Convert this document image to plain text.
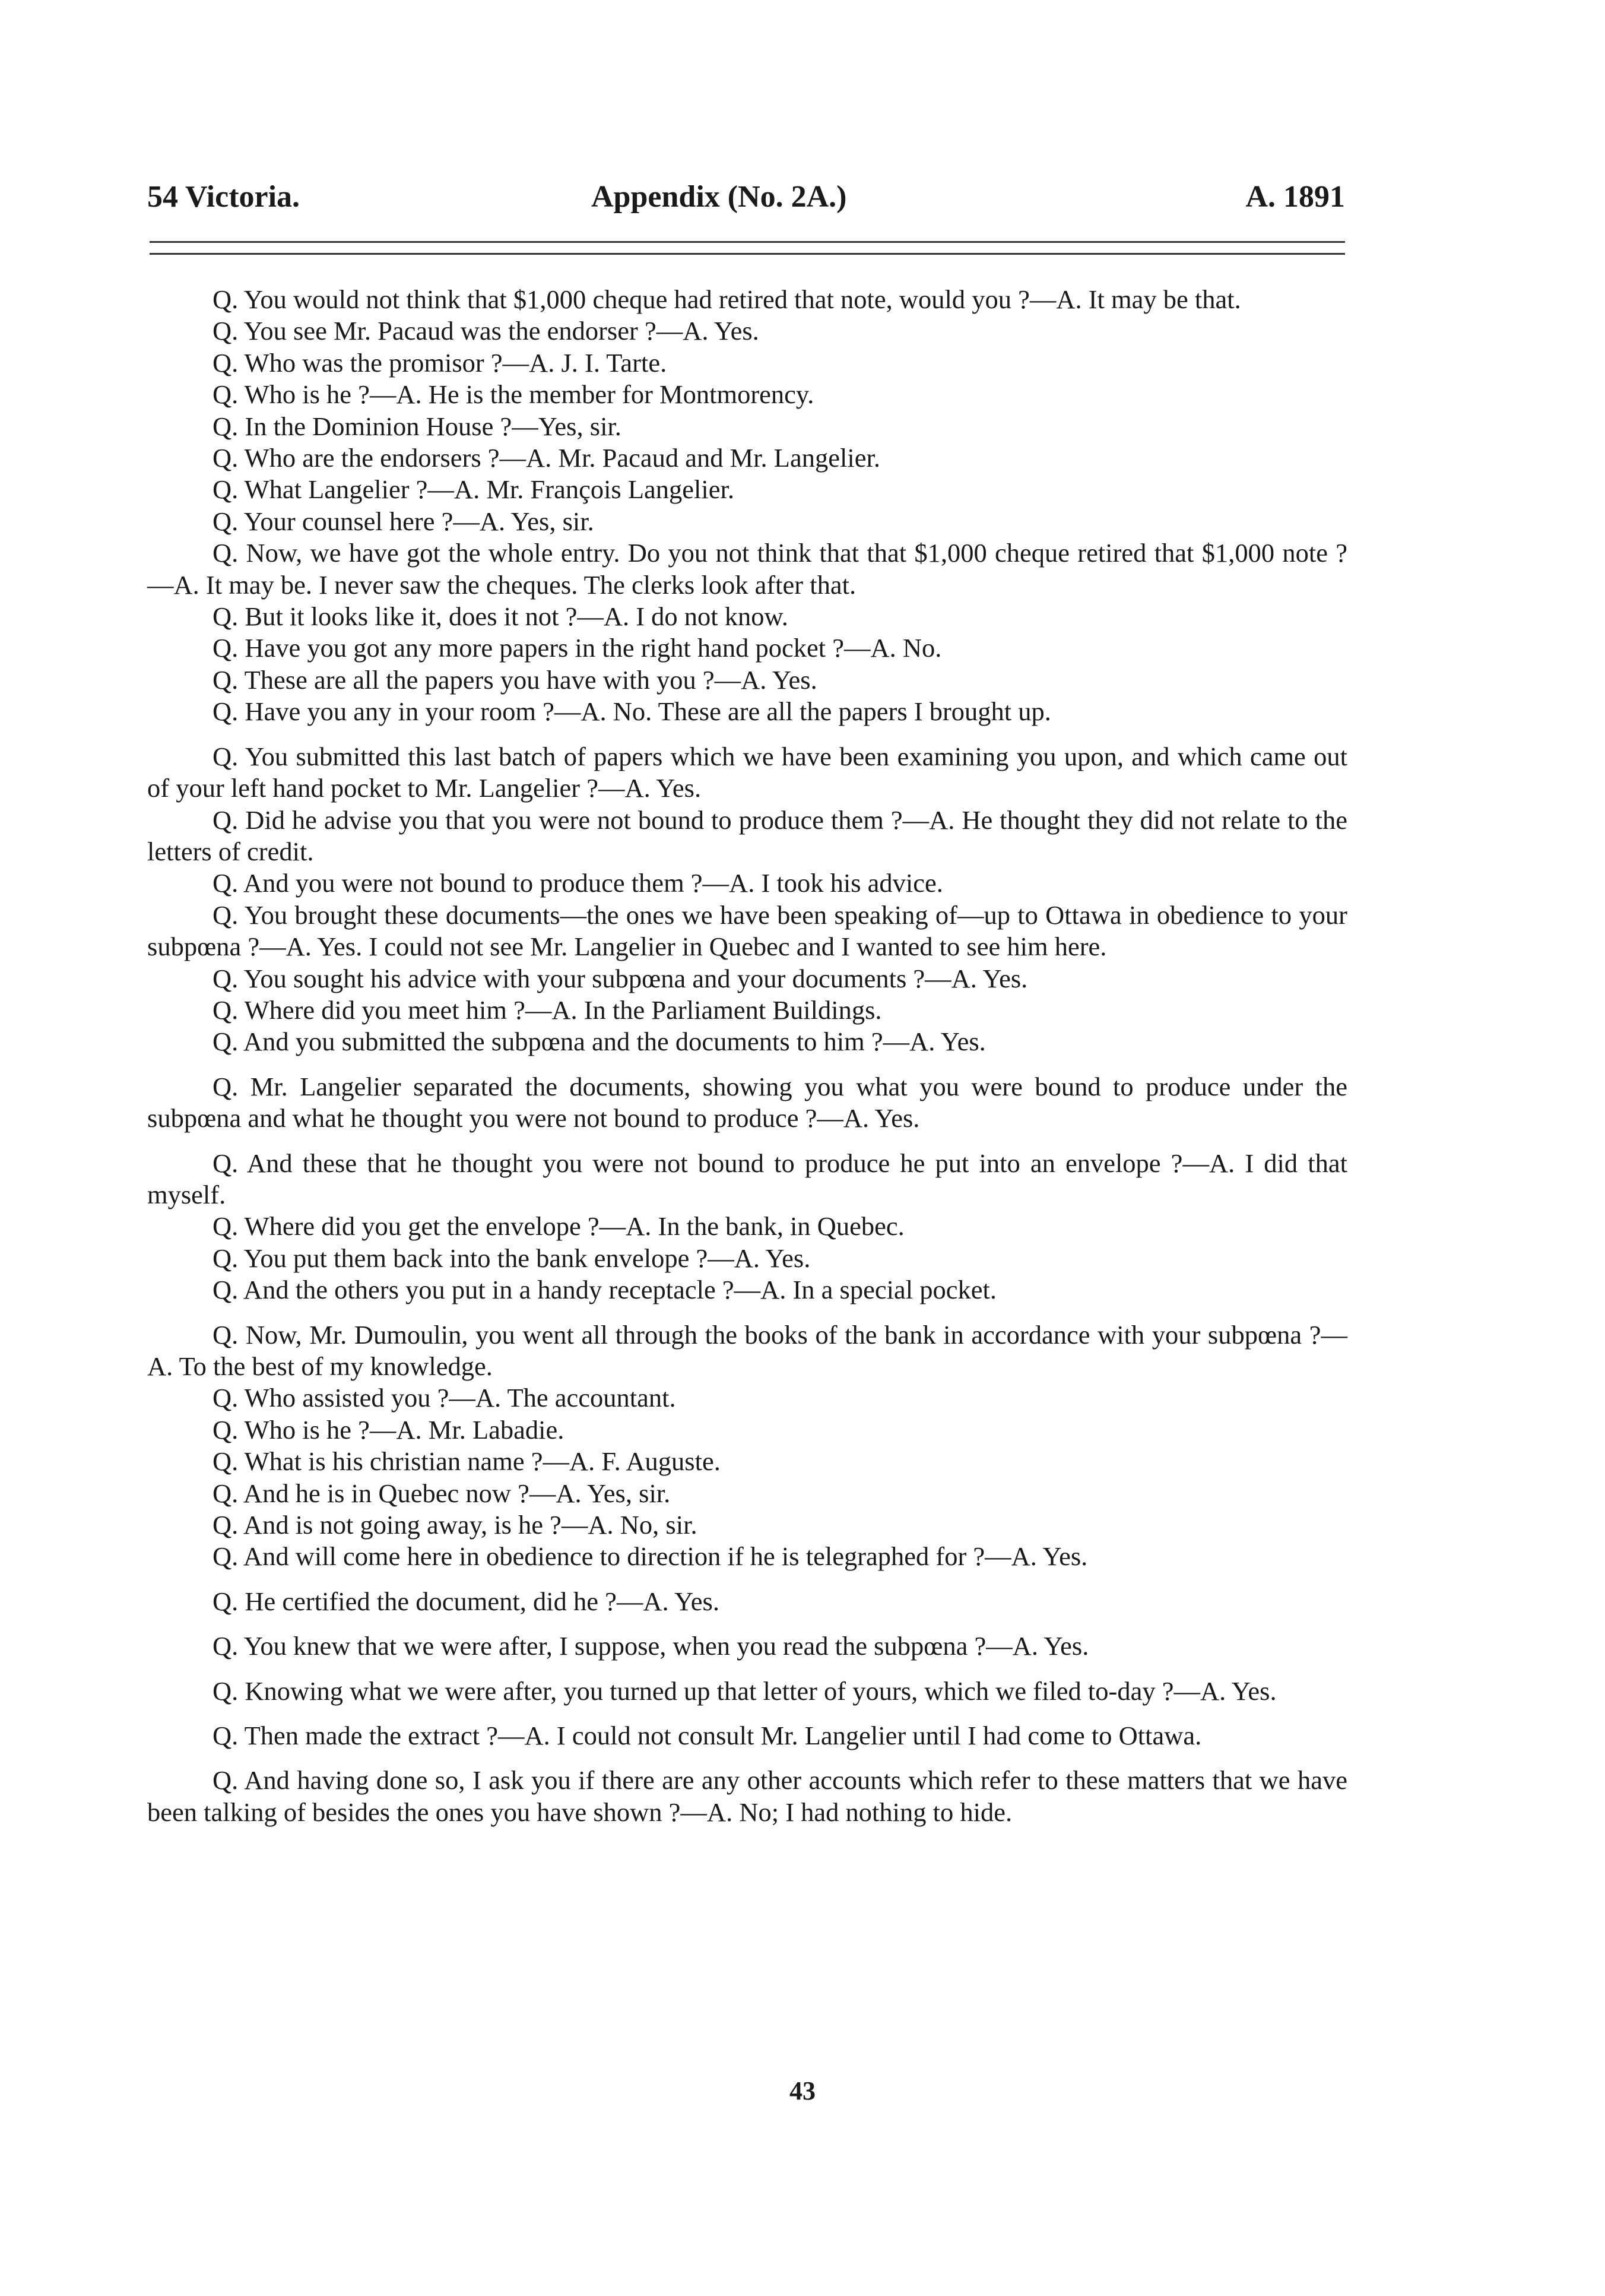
54 Victoria.	Appendix (No. 2A.)	A. 1891

Q. You would not think that $1,000 cheque had retired that note, would you ?—A. It may be that.

Q. You see Mr. Pacaud was the endorser ?—A. Yes.

Q. Who was the promisor ?—A. J. I. Tarte.

Q. Who is he ?—A. He is the member for Montmorency.

Q. In the Dominion House ?—Yes, sir.

Q. Who are the endorsers ?—A. Mr. Pacaud and Mr. Langelier.

Q. What Langelier ?—A. Mr. François Langelier.

Q. Your counsel here ?—A. Yes, sir.

Q. Now, we have got the whole entry. Do you not think that that $1,000 cheque retired that $1,000 note ?—A. It may be. I never saw the cheques. The clerks look after that.

Q. But it looks like it, does it not ?—A. I do not know.

Q. Have you got any more papers in the right hand pocket ?—A. No.

Q. These are all the papers you have with you ?—A. Yes.

Q. Have you any in your room ?—A. No. These are all the papers I brought up.

Q. You submitted this last batch of papers which we have been examining you upon, and which came out of your left hand pocket to Mr. Langelier ?—A. Yes.

Q. Did he advise you that you were not bound to produce them ?—A. He thought they did not relate to the letters of credit.

Q. And you were not bound to produce them ?—A. I took his advice.

Q. You brought these documents—the ones we have been speaking of—up to Ottawa in obedience to your subpœna ?—A. Yes. I could not see Mr. Langelier in Quebec and I wanted to see him here.

Q. You sought his advice with your subpœna and your documents ?—A. Yes.

Q. Where did you meet him ?—A. In the Parliament Buildings.

Q. And you submitted the subpœna and the documents to him ?—A. Yes.

Q. Mr. Langelier separated the documents, showing you what you were bound to produce under the subpœna and what he thought you were not bound to produce ?—A. Yes.

Q. And these that he thought you were not bound to produce he put into an envelope ?—A. I did that myself.

Q. Where did you get the envelope ?—A. In the bank, in Quebec.

Q. You put them back into the bank envelope ?—A. Yes.

Q. And the others you put in a handy receptacle ?—A. In a special pocket.

Q. Now, Mr. Dumoulin, you went all through the books of the bank in accordance with your subpœna ?—A. To the best of my knowledge.

Q. Who assisted you ?—A. The accountant.

Q. Who is he ?—A. Mr. Labadie.

Q. What is his christian name ?—A. F. Auguste.

Q. And he is in Quebec now ?—A. Yes, sir.

Q. And is not going away, is he ?—A. No, sir.

Q. And will come here in obedience to direction if he is telegraphed for ?—A. Yes.

Q. He certified the document, did he ?—A. Yes.

Q. You knew that we were after, I suppose, when you read the subpœna ?—A. Yes.

Q. Knowing what we were after, you turned up that letter of yours, which we filed to-day ?—A. Yes.

Q. Then made the extract ?—A. I could not consult Mr. Langelier until I had come to Ottawa.

Q. And having done so, I ask you if there are any other accounts which refer to these matters that we have been talking of besides the ones you have shown ?—A. No; I had nothing to hide.

43
